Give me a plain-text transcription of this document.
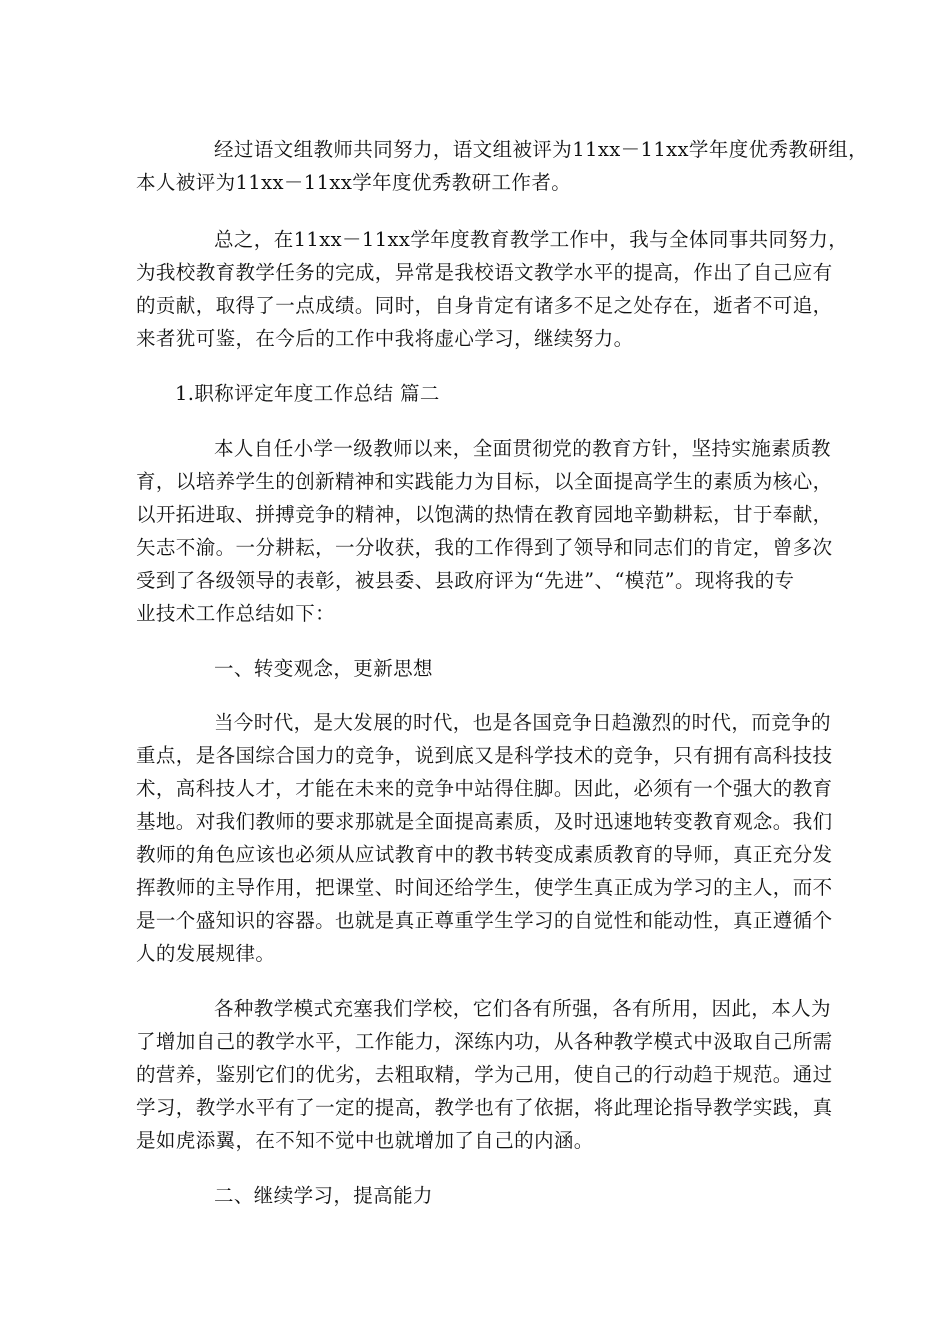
经过语文组教师共同努力，语文组被评为11xx－11xx学年度优秀教研组，
本人被评为11xx－11xx学年度优秀教研工作者。
总之，在11xx－11xx学年度教育教学工作中，我与全体同事共同努力，
为我校教育教学任务的完成，异常是我校语文教学水平的提高，作出了自己应有
的贡献，取得了一点成绩。同时，自身肯定有诸多不足之处存在，逝者不可追，
来者犹可鉴，在今后的工作中我将虚心学习，继续努力。
1.职称评定年度工作总结 篇二
本人自任小学一级教师以来，全面贯彻党的教育方针，坚持实施素质教
育，以培养学生的创新精神和实践能力为目标，以全面提高学生的素质为核心，
以开拓进取、拼搏竞争的精神，以饱满的热情在教育园地辛勤耕耘，甘于奉献，
矢志不渝。一分耕耘，一分收获，我的工作得到了领导和同志们的肯定，曾多次
受到了各级领导的表彰，被县委、县政府评为“先进”、“模范”。现将我的专
业技术工作总结如下：
一、转变观念，更新思想
当今时代，是大发展的时代，也是各国竞争日趋激烈的时代，而竞争的
重点，是各国综合国力的竞争，说到底又是科学技术的竞争，只有拥有高科技技
术，高科技人才，才能在未来的竞争中站得住脚。因此，必须有一个强大的教育
基地。对我们教师的要求那就是全面提高素质，及时迅速地转变教育观念。我们
教师的角色应该也必须从应试教育中的教书转变成素质教育的导师，真正充分发
挥教师的主导作用，把课堂、时间还给学生，使学生真正成为学习的主人，而不
是一个盛知识的容器。也就是真正尊重学生学习的自觉性和能动性，真正遵循个
人的发展规律。
各种教学模式充塞我们学校，它们各有所强，各有所用，因此，本人为
了增加自己的教学水平，工作能力，深练内功，从各种教学模式中汲取自己所需
的营养，鉴别它们的优劣，去粗取精，学为己用，使自己的行动趋于规范。通过
学习，教学水平有了一定的提高，教学也有了依据，将此理论指导教学实践，真
是如虎添翼，在不知不觉中也就增加了自己的内涵。
二、继续学习，提高能力
